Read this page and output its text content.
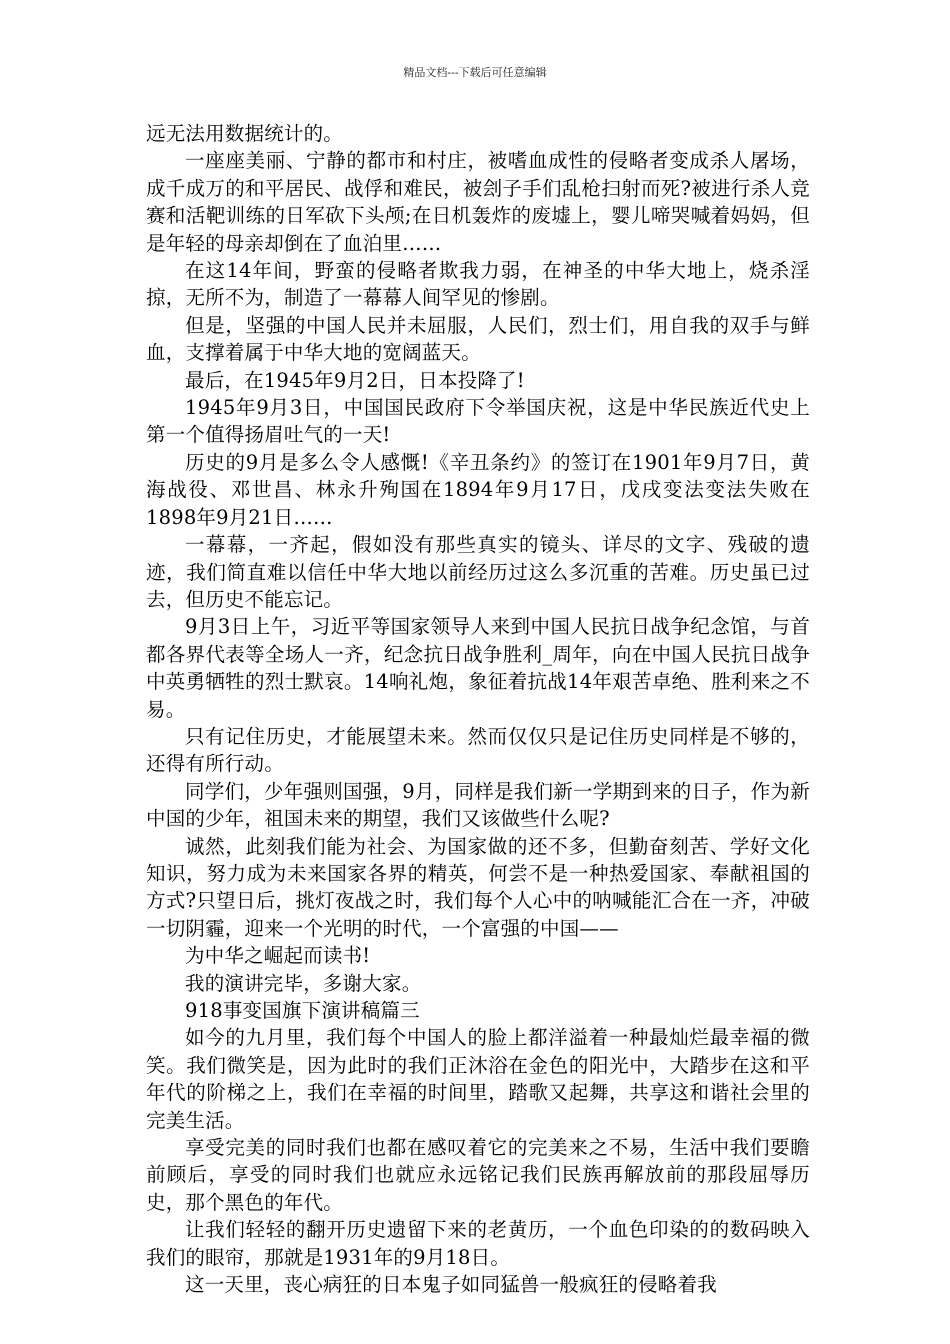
精品文档---下载后可任意编辑

远无法用数据统计的。

一座座美丽、宁静的都市和村庄，被嗜血成性的侵略者变成杀人屠场，成千成万的和平居民、战俘和难民，被刽子手们乱枪扫射而死?被进行杀人竞赛和活靶训练的日军砍下头颅;在日机轰炸的废墟上，婴儿啼哭喊着妈妈，但是年轻的母亲却倒在了血泊里……

在这14年间，野蛮的侵略者欺我力弱，在神圣的中华大地上，烧杀淫掠，无所不为，制造了一幕幕人间罕见的惨剧。

但是，坚强的中国人民并未屈服，人民们，烈士们，用自我的双手与鲜血，支撑着属于中华大地的宽阔蓝天。

最后，在1945年9月2日，日本投降了!

1945年9月3日，中国国民政府下令举国庆祝，这是中华民族近代史上第一个值得扬眉吐气的一天!

历史的9月是多么令人感慨!《辛丑条约》的签订在1901年9月7日，黄海战役、邓世昌、林永升殉国在1894年9月17日，戊戌变法变法失败在1898年9月21日……

一幕幕，一齐起，假如没有那些真实的镜头、详尽的文字、残破的遗迹，我们简直难以信任中华大地以前经历过这么多沉重的苦难。历史虽已过去，但历史不能忘记。

9月3日上午，习近平等国家领导人来到中国人民抗日战争纪念馆，与首都各界代表等全场人一齐，纪念抗日战争胜利_周年，向在中国人民抗日战争中英勇牺牲的烈士默哀。14响礼炮，象征着抗战14年艰苦卓绝、胜利来之不易。

只有记住历史，才能展望未来。然而仅仅只是记住历史同样是不够的，还得有所行动。

同学们，少年强则国强，9月，同样是我们新一学期到来的日子，作为新中国的少年，祖国未来的期望，我们又该做些什么呢?

诚然，此刻我们能为社会、为国家做的还不多，但勤奋刻苦、学好文化知识，努力成为未来国家各界的精英，何尝不是一种热爱国家、奉献祖国的方式?只望日后，挑灯夜战之时，我们每个人心中的呐喊能汇合在一齐，冲破一切阴霾，迎来一个光明的时代，一个富强的中国——

为中华之崛起而读书!

我的演讲完毕，多谢大家。

918事变国旗下演讲稿篇三

如今的九月里，我们每个中国人的脸上都洋溢着一种最灿烂最幸福的微笑。我们微笑是，因为此时的我们正沐浴在金色的阳光中，大踏步在这和平年代的阶梯之上，我们在幸福的时间里，踏歌又起舞，共享这和谐社会里的完美生活。

享受完美的同时我们也都在感叹着它的完美来之不易，生活中我们要瞻前顾后，享受的同时我们也就应永远铭记我们民族再解放前的那段屈辱历史，那个黑色的年代。

让我们轻轻的翻开历史遗留下来的老黄历，一个血色印染的的数码映入我们的眼帘，那就是1931年的9月18日。

这一天里，丧心病狂的日本鬼子如同猛兽一般疯狂的侵略着我
